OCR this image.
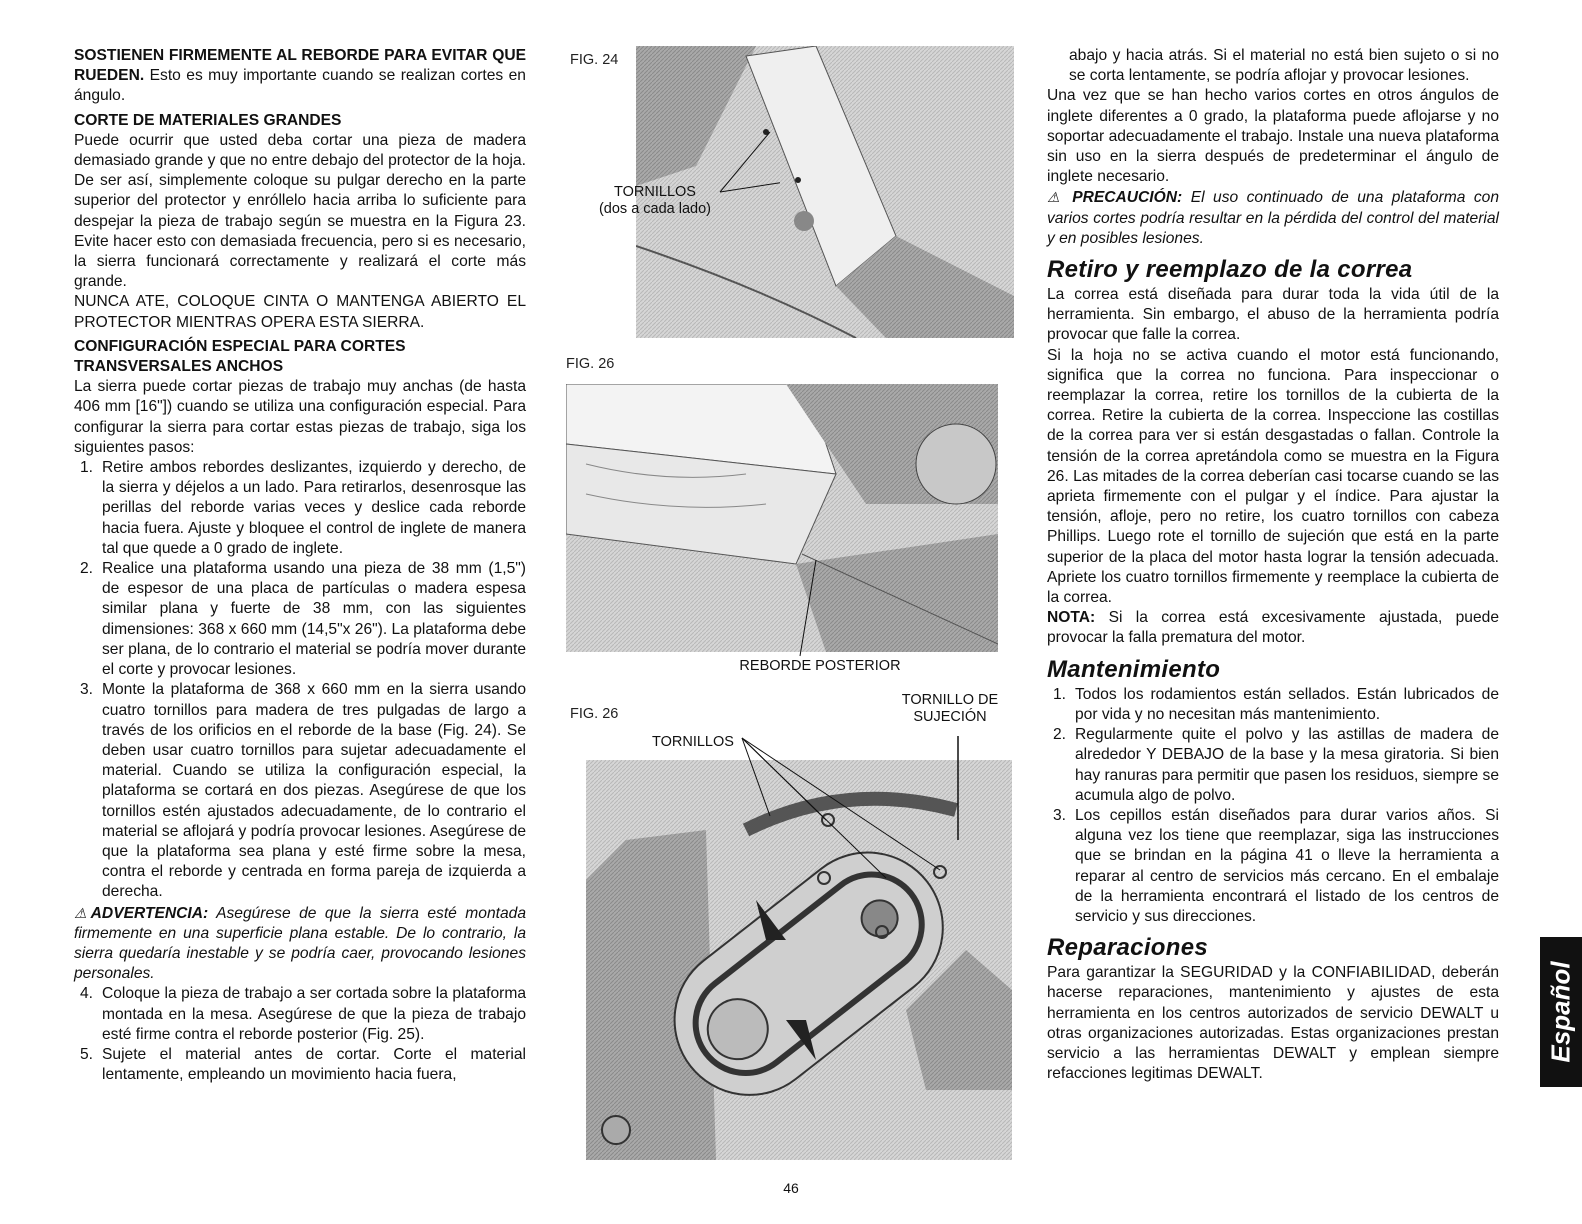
SOSTIENEN FIRMEMENTE AL REBORDE PARA EVITAR QUE RUEDEN. Esto es muy importante cuando se realizan cortes en ángulo.

CORTE DE MATERIALES GRANDES

Puede ocurrir que usted deba cortar una pieza de madera demasiado grande y que no entre debajo del protector de la hoja. De ser así, simplemente coloque su pulgar derecho en la parte superior del protector y enróllelo hacia arriba lo suficiente para despejar la pieza de trabajo según se muestra en la Figura 23. Evite hacer esto con demasiada frecuencia, pero si es necesario, la sierra funcionará correctamente y realizará el corte más grande.

NUNCA ATE, COLOQUE CINTA O MANTENGA ABIERTO EL PROTECTOR MIENTRAS OPERA ESTA SIERRA.

CONFIGURACIÓN ESPECIAL PARA CORTES TRANSVERSALES ANCHOS

La sierra puede cortar piezas de trabajo muy anchas (de hasta 406 mm [16"]) cuando se utiliza una configuración especial. Para configurar la sierra para cortar estas piezas de trabajo, siga los siguientes pasos:

1. Retire ambos rebordes deslizantes, izquierdo y derecho, de la sierra y déjelos a un lado. Para retirarlos, desenrosque las perillas del reborde varias veces y deslice cada reborde hacia fuera. Ajuste y bloquee el control de inglete de manera tal que quede a 0 grado de inglete.
2. Realice una plataforma usando una pieza de 38 mm (1,5") de espesor de una placa de partículas o madera espesa similar plana y fuerte de 38 mm, con las siguientes dimensiones: 368 x 660 mm (14,5"x 26"). La plataforma debe ser plana, de lo contrario el material se podría mover durante el corte y provocar lesiones.
3. Monte la plataforma de 368 x 660 mm en la sierra usando cuatro tornillos para madera de tres pulgadas de largo a través de los orificios en el reborde de la base (Fig. 24). Se deben usar cuatro tornillos para sujetar adecuadamente el material. Cuando se utiliza la configuración especial, la plataforma se cortará en dos piezas. Asegúrese de que los tornillos estén ajustados adecuadamente, de lo contrario el material se aflojará y podría provocar lesiones. Asegúrese de que la plataforma sea plana y esté firme sobre la mesa, contra el reborde y centrada en forma pareja de izquierda a derecha.

⚠ADVERTENCIA: Asegúrese de que la sierra esté montada firmemente en una superficie plana estable. De lo contrario, la sierra quedaría inestable y se podría caer, provocando lesiones personales.

4. Coloque la pieza de trabajo a ser cortada sobre la plataforma montada en la mesa. Asegúrese de que la pieza de trabajo esté firme contra el reborde posterior (Fig. 25).
5. Sujete el material antes de cortar. Corte el material lentamente, empleando un movimiento hacia fuera,
FIG. 24
TORNILLOS
(dos a cada lado)
FIG. 26
REBORDE POSTERIOR
FIG. 26
TORNILLO DE
SUJECIÓN
TORNILLOS

abajo y hacia atrás. Si el material no está bien sujeto o si no se corta lentamente, se podría aflojar y provocar lesiones.

Una vez que se han hecho varios cortes en otros ángulos de inglete diferentes a 0 grado, la plataforma puede aflojarse y no soportar adecuadamente el trabajo. Instale una nueva plataforma sin uso en la sierra después de predeterminar el ángulo de inglete necesario.

⚠ PRECAUCIÓN: El uso continuado de una plataforma con varios cortes podría resultar en la pérdida del control del material y en posibles lesiones.

Retiro y reemplazo de la correa

La correa está diseñada para durar toda la vida útil de la herramienta. Sin embargo, el abuso de la herramienta podría provocar que falle la correa.

Si la hoja no se activa cuando el motor está funcionando, significa que la correa no funciona. Para inspeccionar o reemplazar la correa, retire los tornillos de la cubierta de la correa. Retire la cubierta de la correa. Inspeccione las costillas de la correa para ver si están desgastadas o fallan. Controle la tensión de la correa apretándola como se muestra en la Figura 26. Las mitades de la correa deberían casi tocarse cuando se las aprieta firmemente con el pulgar y el índice. Para ajustar la tensión, afloje, pero no retire, los cuatro tornillos con cabeza Phillips. Luego rote el tornillo de sujeción que está en la parte superior de la placa del motor hasta lograr la tensión adecuada. Apriete los cuatro tornillos firmemente y reemplace la cubierta de la correa.

NOTA: Si la correa está excesivamente ajustada, puede provocar la falla prematura del motor.

Mantenimiento
1. Todos los rodamientos están sellados. Están lubricados de por vida y no necesitan más mantenimiento.
2. Regularmente quite el polvo y las astillas de madera de alrededor Y DEBAJO de la base y la mesa giratoria. Si bien hay ranuras para permitir que pasen los residuos, siempre se acumula algo de polvo.
3. Los cepillos están diseñados para durar varios años. Si alguna vez los tiene que reemplazar, siga las instrucciones que se brindan en la página 41 o lleve la herramienta a reparar al centro de servicios más cercano. En el embalaje de la herramienta encontrará el listado de los centros de servicio y sus direcciones.
Reparaciones

Para garantizar la SEGURIDAD y la CONFIABILIDAD, deberán hacerse reparaciones, mantenimiento y ajustes de esta herramienta en los centros autorizados de servicio DEWALT u otras organizaciones autorizadas. Estas organizaciones prestan servicio a las herramientas DEWALT y emplean siempre refacciones legitimas DEWALT.

46
Español
